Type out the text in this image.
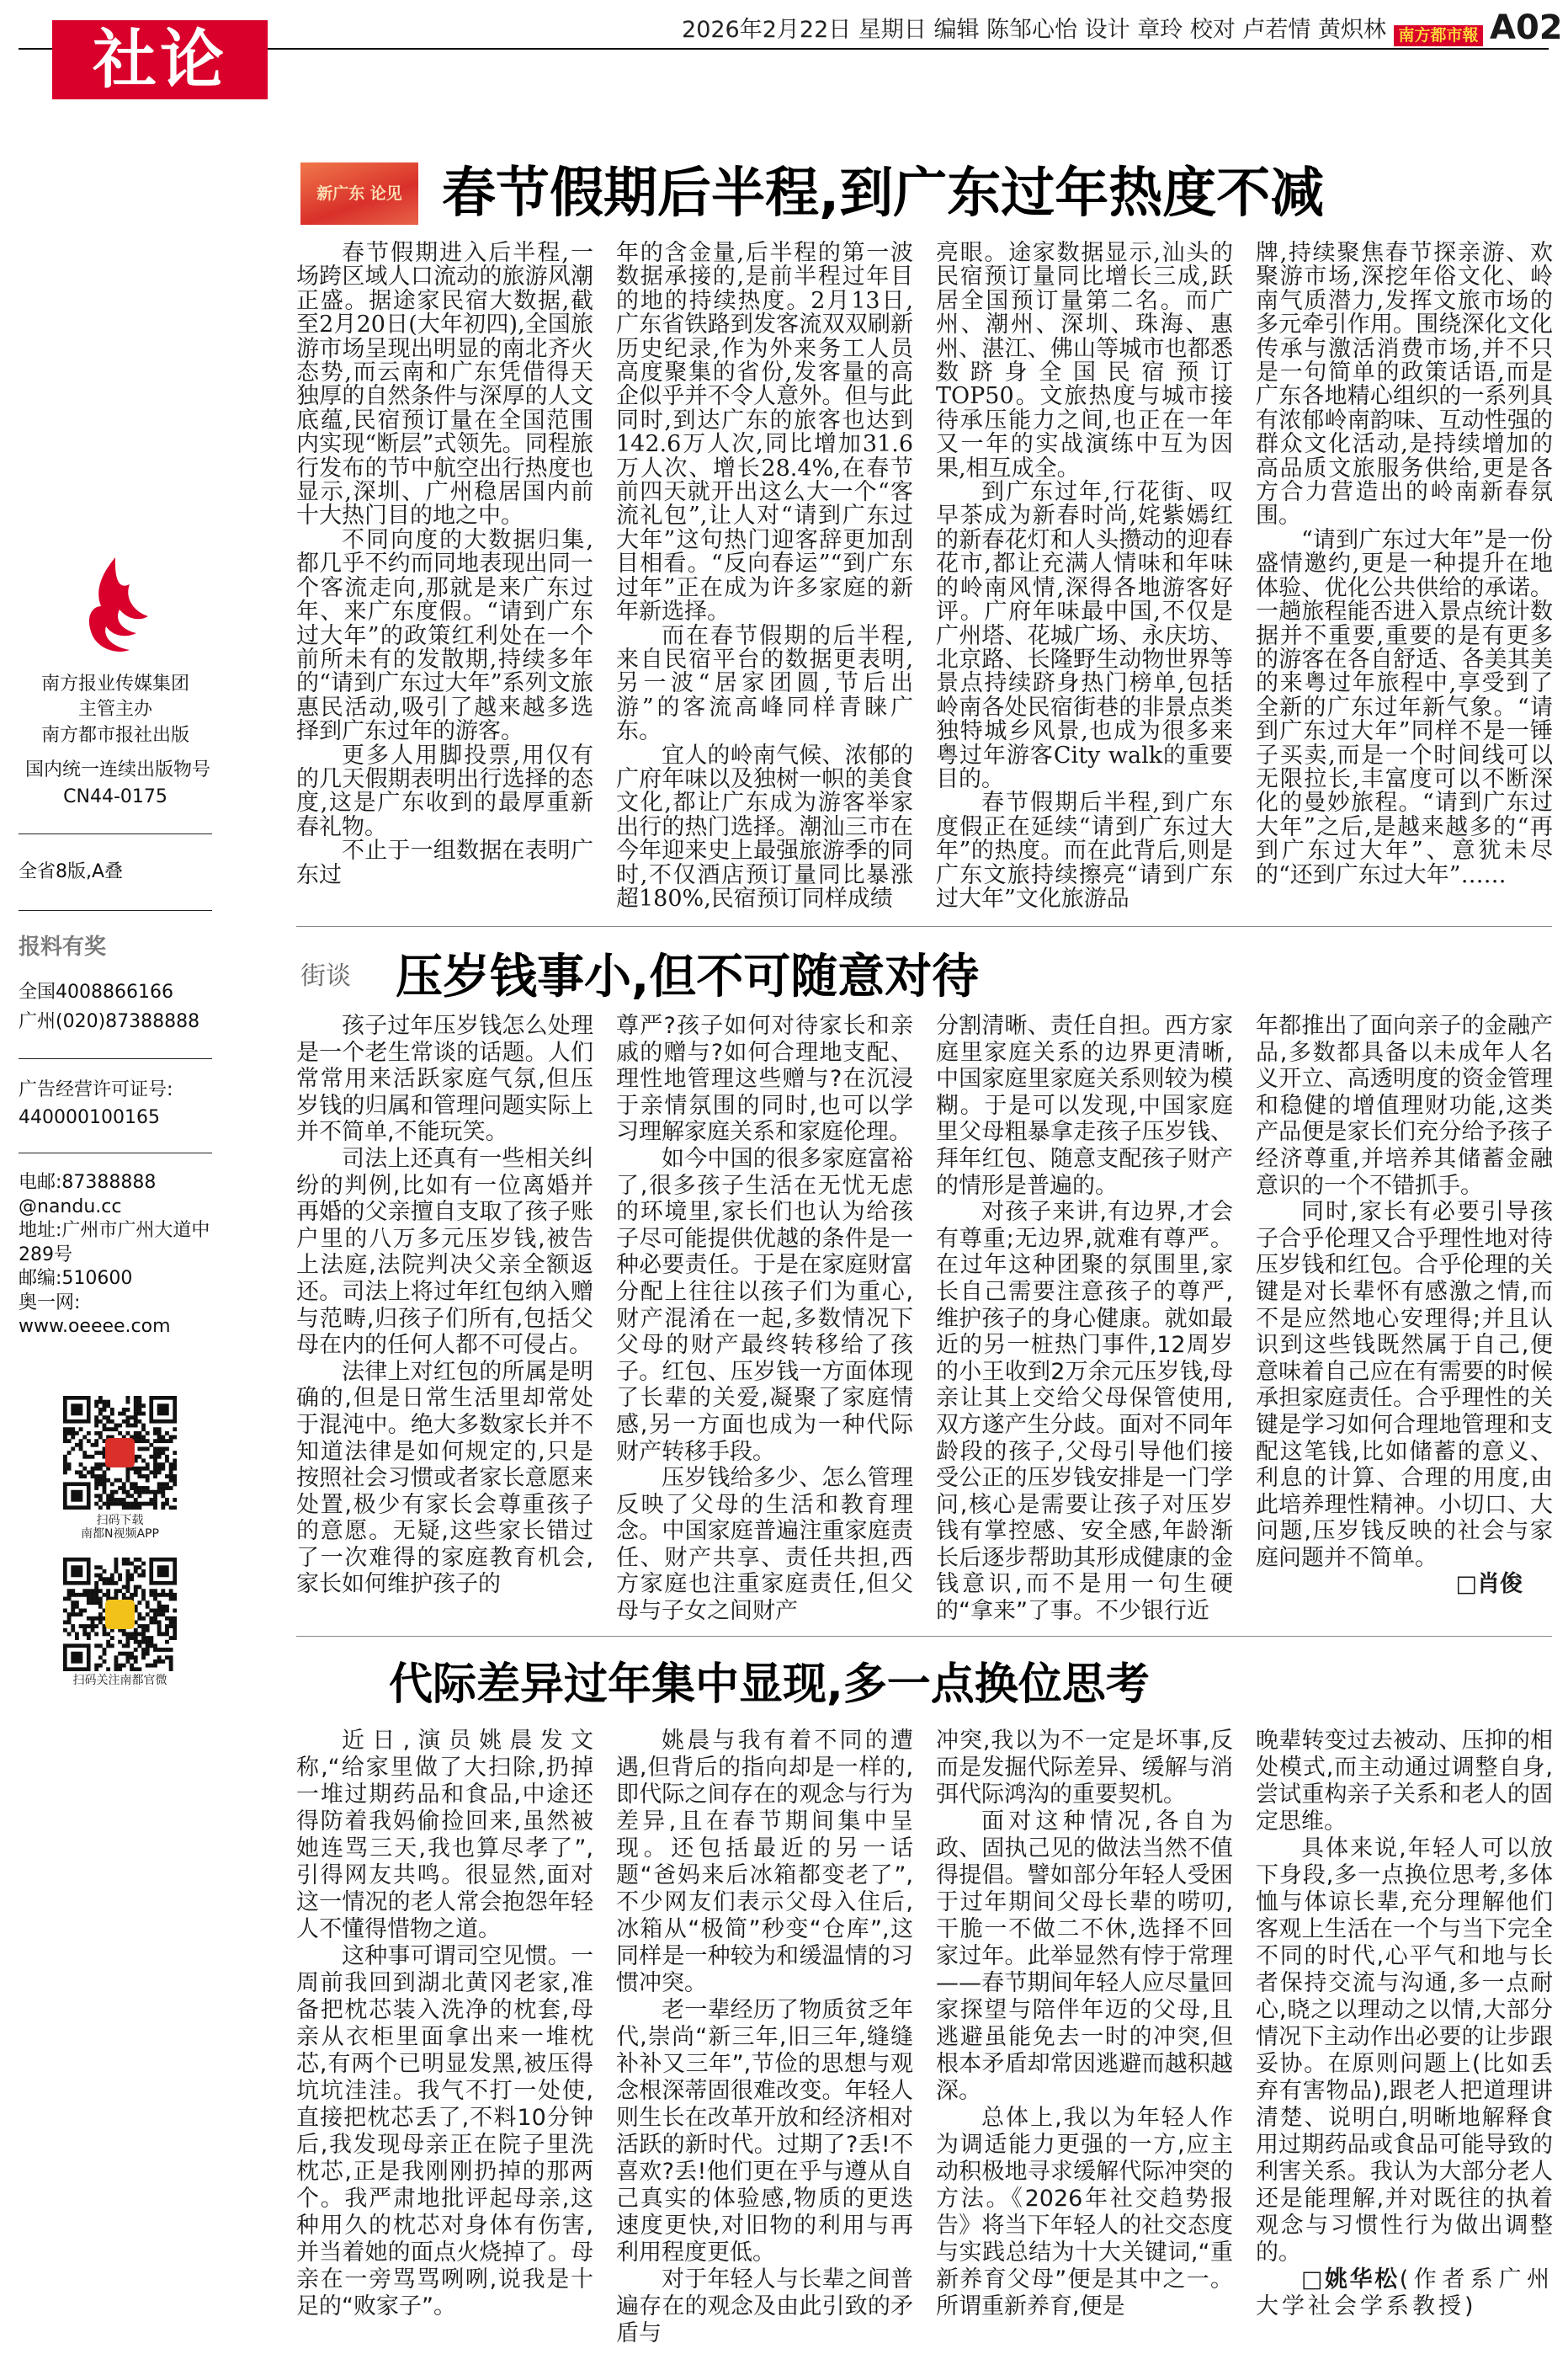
社论	2026年2月22日 星期日 编辑 陈邹心怡 设计 章玲 校对 卢若情 黄炽林 南方都市報 A02
南方报业传媒集团
主管主办
南方都市报社出版
国内统一连续出版物号
CN44-0175
全省8版,A叠
报料有奖
全国4008866166
广州(020)87388888
广告经营许可证号:
440000100165
电邮:87388888
@nandu.cc
地址:广州市广州大道中
289号
邮编:510600
奥一网:
www.oeeee.com
扫码下载
南都N视频APP
扫码关注南都官微
新广东 论见 春节假期后半程,到广东过年热度不减

春节假期进入后半程,一场跨区域人口流动的旅游风潮正盛。据途家民宿大数据,截至2月20日(大年初四),全国旅游市场呈现出明显的南北齐火态势,而云南和广东凭借得天独厚的自然条件与深厚的人文底蕴,民宿预订量在全国范围内实现“断层”式领先。同程旅行发布的节中航空出行热度也显示,深圳、广州稳居国内前十大热门目的地之中。

不同向度的大数据归集,都几乎不约而同地表现出同一个客流走向,那就是来广东过年、来广东度假。“请到广东过大年”的政策红利处在一个前所未有的发散期,持续多年的“请到广东过大年”系列文旅惠民活动,吸引了越来越多选择到广东过年的游客。

更多人用脚投票,用仅有的几天假期表明出行选择的态度,这是广东收到的最厚重新春礼物。

不止于一组数据在表明广东过

年的含金量,后半程的第一波数据承接的,是前半程过年目的地的持续热度。2月13日,广东省铁路到发客流双双刷新历史纪录,作为外来务工人员高度聚集的省份,发客量的高企似乎并不令人意外。但与此同时,到达广东的旅客也达到142.6万人次,同比增加31.6万人次、增长28.4%,在春节前四天就开出这么大一个“客流礼包”,让人对“请到广东过大年”这句热门迎客辞更加刮目相看。“反向春运”“到广东过年”正在成为许多家庭的新年新选择。

而在春节假期的后半程,来自民宿平台的数据更表明,另一波“居家团圆,节后出游”的客流高峰同样青睐广东。

宜人的岭南气候、浓郁的广府年味以及独树一帜的美食文化,都让广东成为游客举家出行的热门选择。潮汕三市在今年迎来史上最强旅游季的同时,不仅酒店预订量同比暴涨超180%,民宿预订同样成绩

亮眼。途家数据显示,汕头的民宿预订量同比增长三成,跃居全国预订量第二名。而广州、潮州、深圳、珠海、惠州、湛江、佛山等城市也都悉数跻身全国民宿预订TOP50。文旅热度与城市接待承压能力之间,也正在一年又一年的实战演练中互为因果,相互成全。

到广东过年,行花街、叹早茶成为新春时尚,姹紫嫣红的新春花灯和人头攒动的迎春花市,都让充满人情味和年味的岭南风情,深得各地游客好评。广府年味最中国,不仅是广州塔、花城广场、永庆坊、北京路、长隆野生动物世界等景点持续跻身热门榜单,包括岭南各处民宿街巷的非景点类独特城乡风景,也成为很多来粤过年游客City walk的重要目的。

春节假期后半程,到广东度假正在延续“请到广东过大年”的热度。而在此背后,则是广东文旅持续擦亮“请到广东过大年”文化旅游品

牌,持续聚焦春节探亲游、欢聚游市场,深挖年俗文化、岭南气质潜力,发挥文旅市场的多元牵引作用。围绕深化文化传承与激活消费市场,并不只是一句简单的政策话语,而是广东各地精心组织的一系列具有浓郁岭南韵味、互动性强的群众文化活动,是持续增加的高品质文旅服务供给,更是各方合力营造出的岭南新春氛围。

“请到广东过大年”是一份盛情邀约,更是一种提升在地体验、优化公共供给的承诺。一趟旅程能否进入景点统计数据并不重要,重要的是有更多的游客在各自舒适、各美其美的来粤过年旅程中,享受到了全新的广东过年新气象。“请到广东过大年”同样不是一锤子买卖,而是一个时间线可以无限拉长,丰富度可以不断深化的曼妙旅程。“请到广东过大年”之后,是越来越多的“再到广东过大年”、意犹未尽的“还到广东过大年”……

街谈 压岁钱事小,但不可随意对待

孩子过年压岁钱怎么处理是一个老生常谈的话题。人们常常用来活跃家庭气氛,但压岁钱的归属和管理问题实际上并不简单,不能玩笑。

司法上还真有一些相关纠纷的判例,比如有一位离婚并再婚的父亲擅自支取了孩子账户里的八万多元压岁钱,被告上法庭,法院判决父亲全额返还。司法上将过年红包纳入赠与范畴,归孩子们所有,包括父母在内的任何人都不可侵占。

法律上对红包的所属是明确的,但是日常生活里却常处于混沌中。绝大多数家长并不知道法律是如何规定的,只是按照社会习惯或者家长意愿来处置,极少有家长会尊重孩子的意愿。无疑,这些家长错过了一次难得的家庭教育机会,家长如何维护孩子的

尊严?孩子如何对待家长和亲戚的赠与?如何合理地支配、理性地管理这些赠与?在沉浸于亲情氛围的同时,也可以学习理解家庭关系和家庭伦理。

如今中国的很多家庭富裕了,很多孩子生活在无忧无虑的环境里,家长们也认为给孩子尽可能提供优越的条件是一种必要责任。于是在家庭财富分配上往往以孩子们为重心,财产混淆在一起,多数情况下父母的财产最终转移给了孩子。红包、压岁钱一方面体现了长辈的关爱,凝聚了家庭情感,另一方面也成为一种代际财产转移手段。

压岁钱给多少、怎么管理反映了父母的生活和教育理念。中国家庭普遍注重家庭责任、财产共享、责任共担,西方家庭也注重家庭责任,但父母与子女之间财产

分割清晰、责任自担。西方家庭里家庭关系的边界更清晰,中国家庭里家庭关系则较为模糊。于是可以发现,中国家庭里父母粗暴拿走孩子压岁钱、拜年红包、随意支配孩子财产的情形是普遍的。

对孩子来讲,有边界,才会有尊重;无边界,就难有尊严。在过年这种团聚的氛围里,家长自己需要注意孩子的尊严,维护孩子的身心健康。就如最近的另一桩热门事件,12周岁的小王收到2万余元压岁钱,母亲让其上交给父母保管使用,双方遂产生分歧。面对不同年龄段的孩子,父母引导他们接受公正的压岁钱安排是一门学问,核心是需要让孩子对压岁钱有掌控感、安全感,年龄渐长后逐步帮助其形成健康的金钱意识,而不是用一句生硬的“拿来”了事。不少银行近

年都推出了面向亲子的金融产品,多数都具备以未成年人名义开立、高透明度的资金管理和稳健的增值理财功能,这类产品便是家长们充分给予孩子经济尊重,并培养其储蓄金融意识的一个不错抓手。

同时,家长有必要引导孩子合乎伦理又合乎理性地对待压岁钱和红包。合乎伦理的关键是对长辈怀有感激之情,而不是应然地心安理得;并且认识到这些钱既然属于自己,便意味着自己应在有需要的时候承担家庭责任。合乎理性的关键是学习如何合理地管理和支配这笔钱,比如储蓄的意义、利息的计算、合理的用度,由此培养理性精神。小切口、大问题,压岁钱反映的社会与家庭问题并不简单。

□肖俊

代际差异过年集中显现,多一点换位思考

近日,演员姚晨发文称,“给家里做了大扫除,扔掉一堆过期药品和食品,中途还得防着我妈偷捡回来,虽然被她连骂三天,我也算尽孝了”,引得网友共鸣。很显然,面对这一情况的老人常会抱怨年轻人不懂得惜物之道。

这种事可谓司空见惯。一周前我回到湖北黄冈老家,准备把枕芯装入洗净的枕套,母亲从衣柜里面拿出来一堆枕芯,有两个已明显发黑,被压得坑坑洼洼。我气不打一处使,直接把枕芯丢了,不料10分钟后,我发现母亲正在院子里洗枕芯,正是我刚刚扔掉的那两个。我严肃地批评起母亲,这种用久的枕芯对身体有伤害,并当着她的面点火烧掉了。母亲在一旁骂骂咧咧,说我是十足的“败家子”。

姚晨与我有着不同的遭遇,但背后的指向却是一样的,即代际之间存在的观念与行为差异,且在春节期间集中呈现。还包括最近的另一话题“爸妈来后冰箱都变老了”,不少网友们表示父母入住后,冰箱从“极简”秒变“仓库”,这同样是一种较为和缓温情的习惯冲突。

老一辈经历了物质贫乏年代,崇尚“新三年,旧三年,缝缝补补又三年”,节俭的思想与观念根深蒂固很难改变。年轻人则生长在改革开放和经济相对活跃的新时代。过期了?丢!不喜欢?丢!他们更在乎与遵从自己真实的体验感,物质的更迭速度更快,对旧物的利用与再利用程度更低。

对于年轻人与长辈之间普遍存在的观念及由此引致的矛盾与

冲突,我以为不一定是坏事,反而是发掘代际差异、缓解与消弭代际鸿沟的重要契机。

面对这种情况,各自为政、固执己见的做法当然不值得提倡。譬如部分年轻人受困于过年期间父母长辈的唠叨,干脆一不做二不休,选择不回家过年。此举显然有悖于常理——春节期间年轻人应尽量回家探望与陪伴年迈的父母,且逃避虽能免去一时的冲突,但根本矛盾却常因逃避而越积越深。

总体上,我以为年轻人作为调适能力更强的一方,应主动积极地寻求缓解代际冲突的方法。《2026年社交趋势报告》将当下年轻人的社交态度与实践总结为十大关键词,“重新养育父母”便是其中之一。所谓重新养育,便是

晚辈转变过去被动、压抑的相处模式,而主动通过调整自身,尝试重构亲子关系和老人的固定思维。

具体来说,年轻人可以放下身段,多一点换位思考,多体恤与体谅长辈,充分理解他们客观上生活在一个与当下完全不同的时代,心平气和地与长者保持交流与沟通,多一点耐心,晓之以理动之以情,大部分情况下主动作出必要的让步跟妥协。在原则问题上(比如丢弃有害物品),跟老人把道理讲清楚、说明白,明晰地解释食用过期药品或食品可能导致的利害关系。我认为大部分老人还是能理解,并对既往的执着观念与习惯性行为做出调整的。

□姚华松(作者系广州大学社会学系教授)
